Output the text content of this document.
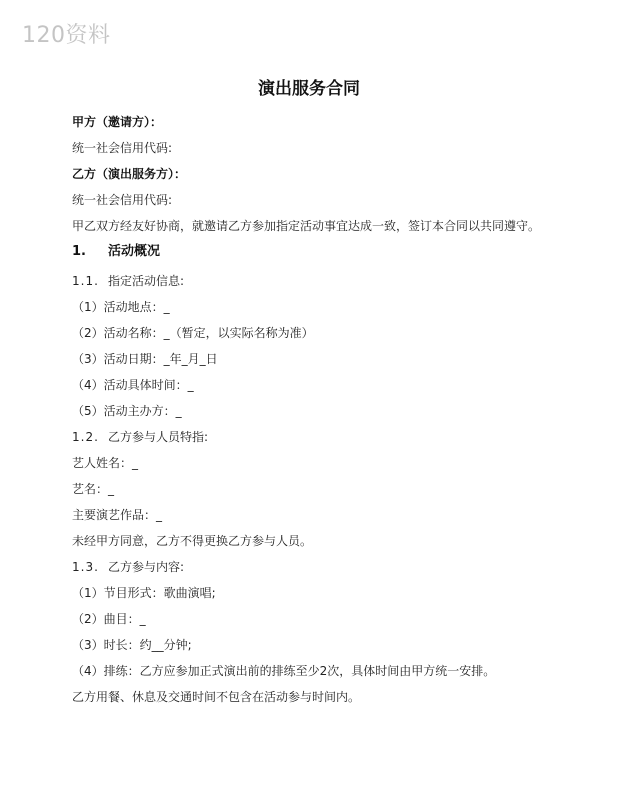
120资料
演出服务合同
甲方（邀请方）：
统一社会信用代码:
乙方（演出服务方）：
统一社会信用代码:
甲乙双方经友好协商，就邀请乙方参加指定活动事宜达成一致，签订本合同以共同遵守。
1. 活动概况
1.1. 指定活动信息:
（1）活动地点：_
（2）活动名称：_（暂定，以实际名称为准）
（3）活动日期：_年_月_日
（4）活动具体时间：_
（5）活动主办方：_
1.2. 乙方参与人员特指:
艺人姓名：_
艺名：_
主要演艺作品：_
未经甲方同意，乙方不得更换乙方参与人员。
1.3. 乙方参与内容:
（1）节目形式：歌曲演唱;
（2）曲目：_
（3）时长：约__分钟;
（4）排练：乙方应参加正式演出前的排练至少2次，具体时间由甲方统一安排。
乙方用餐、休息及交通时间不包含在活动参与时间内。
